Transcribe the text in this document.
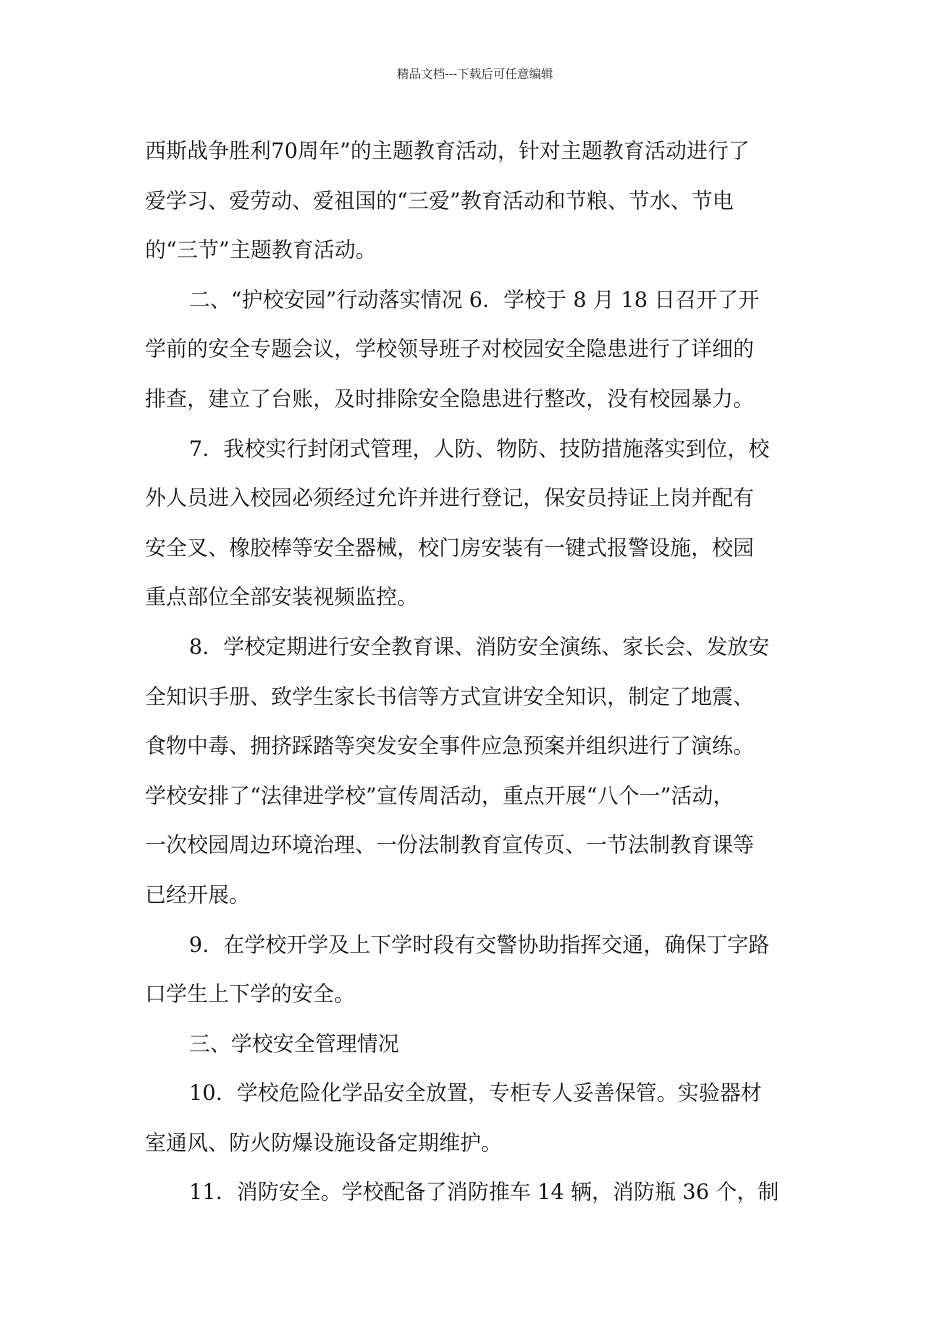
精品文档---下载后可任意编辑
西斯战争胜利70周年”的主题教育活动，针对主题教育活动进行了
爱学习、爱劳动、爱祖国的“三爱”教育活动和节粮、节水、节电
的“三节”主题教育活动。
二、“护校安园”行动落实情况 6．学校于 8 月 18 日召开了开
学前的安全专题会议，学校领导班子对校园安全隐患进行了详细的
排查，建立了台账，及时排除安全隐患进行整改，没有校园暴力。
7．我校实行封闭式管理，人防、物防、技防措施落实到位，校
外人员进入校园必须经过允许并进行登记，保安员持证上岗并配有
安全叉、橡胶棒等安全器械，校门房安装有一键式报警设施，校园
重点部位全部安装视频监控。
8．学校定期进行安全教育课、消防安全演练、家长会、发放安
全知识手册、致学生家长书信等方式宣讲安全知识，制定了地震、
食物中毒、拥挤踩踏等突发安全事件应急预案并组织进行了演练。
学校安排了“法律进学校”宣传周活动，重点开展“八个一”活动，
一次校园周边环境治理、一份法制教育宣传页、一节法制教育课等
已经开展。
9．在学校开学及上下学时段有交警协助指挥交通，确保丁字路
口学生上下学的安全。
三、学校安全管理情况
10．学校危险化学品安全放置，专柜专人妥善保管。实验器材
室通风、防火防爆设施设备定期维护。
11．消防安全。学校配备了消防推车 14 辆，消防瓶 36 个，制
